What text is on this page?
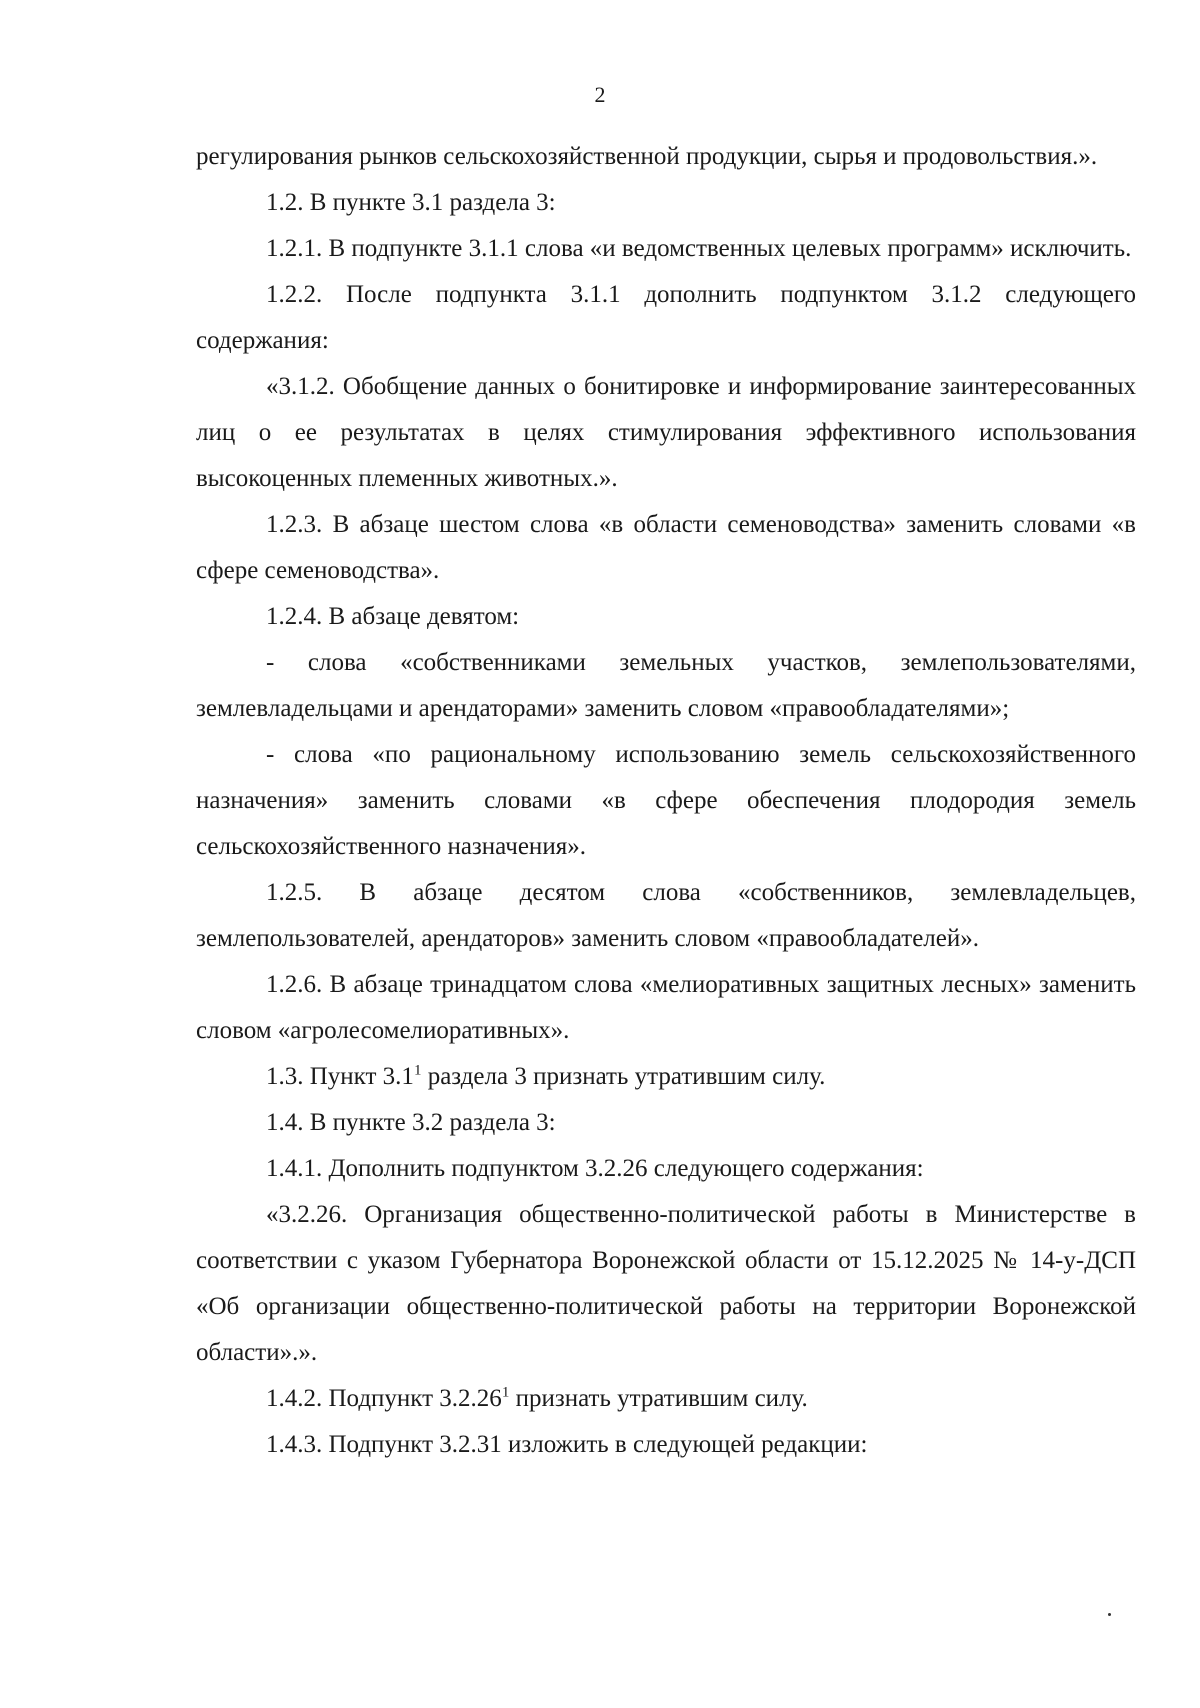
2

регулирования рынков сельскохозяйственной продукции, сырья и продовольствия.».

1.2. В пункте 3.1 раздела 3:

1.2.1. В подпункте 3.1.1 слова «и ведомственных целевых программ» исключить.

1.2.2. После подпункта 3.1.1 дополнить подпунктом 3.1.2 следующего содержания:

«3.1.2. Обобщение данных о бонитировке и информирование заинтересованных лиц о ее результатах в целях стимулирования эффективного использования высокоценных племенных животных.».

1.2.3. В абзаце шестом слова «в области семеноводства» заменить словами «в сфере семеноводства».

1.2.4. В абзаце девятом:

- слова «собственниками земельных участков, землепользователями, землевладельцами и арендаторами» заменить словом «правообладателями»;

- слова «по рациональному использованию земель сельскохозяйственного назначения» заменить словами «в сфере обеспечения плодородия земель сельскохозяйственного назначения».

1.2.5. В абзаце десятом слова «собственников, землевладельцев, землепользователей, арендаторов» заменить словом «правообладателей».

1.2.6. В абзаце тринадцатом слова «мелиоративных защитных лесных» заменить словом «агролесомелиоративных».

1.3. Пункт $3.1^1$ раздела 3 признать утратившим силу.

1.4. В пункте 3.2 раздела 3:

1.4.1. Дополнить подпунктом 3.2.26 следующего содержания:

«3.2.26. Организация общественно-политической работы в Министерстве в соответствии с указом Губернатора Воронежской области от 15.12.2025 № 14-у-ДСП «Об организации общественно-политической работы на территории Воронежской области».».

1.4.2. Подпункт 3.2.26$^1$ признать утратившим силу.

1.4.3. Подпункт 3.2.31 изложить в следующей редакции:
